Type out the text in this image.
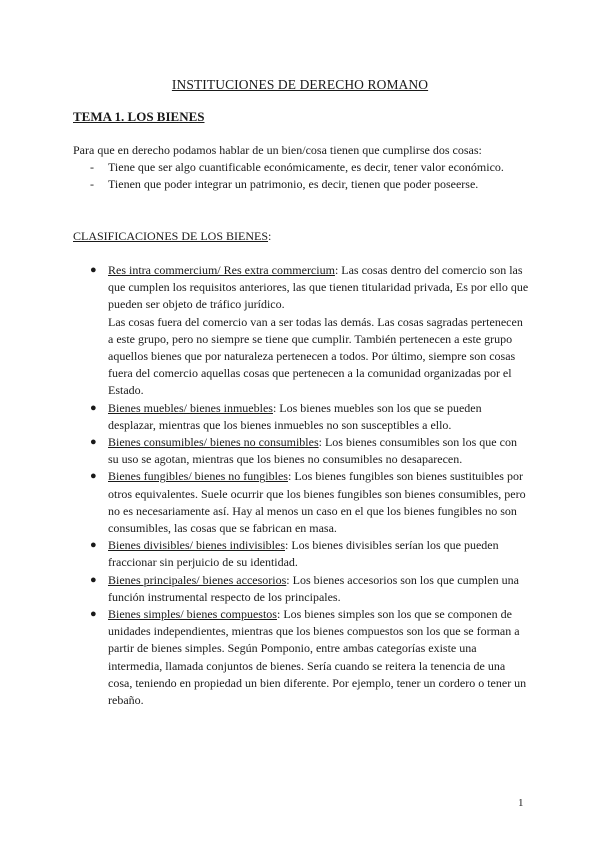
INSTITUCIONES DE DERECHO ROMANO
TEMA 1. LOS BIENES
Para que en derecho podamos hablar de un bien/cosa tienen que cumplirse dos cosas:
- Tiene que ser algo cuantificable económicamente, es decir, tener valor económico.
- Tienen que poder integrar un patrimonio, es decir, tienen que poder poseerse.
CLASIFICACIONES DE LOS BIENES:
● Res intra commercium/ Res extra commercium: Las cosas dentro del comercio son las que cumplen los requisitos anteriores, las que tienen titularidad privada, Es por ello que pueden ser objeto de tráfico jurídico.
Las cosas fuera del comercio van a ser todas las demás. Las cosas sagradas pertenecen a este grupo, pero no siempre se tiene que cumplir. También pertenecen a este grupo aquellos bienes que por naturaleza pertenecen a todos. Por último, siempre son cosas fuera del comercio aquellas cosas que pertenecen a la comunidad organizadas por el Estado.
● Bienes muebles/ bienes inmuebles: Los bienes muebles son los que se pueden desplazar, mientras que los bienes inmuebles no son susceptibles a ello.
● Bienes consumibles/ bienes no consumibles: Los bienes consumibles son los que con su uso se agotan, mientras que los bienes no consumibles no desaparecen.
● Bienes fungibles/ bienes no fungibles: Los bienes fungibles son bienes sustituibles por otros equivalentes. Suele ocurrir que los bienes fungibles son bienes consumibles, pero no es necesariamente así. Hay al menos un caso en el que los bienes fungibles no son consumibles, las cosas que se fabrican en masa.
● Bienes divisibles/ bienes indivisibles: Los bienes divisibles serían los que pueden fraccionar sin perjuicio de su identidad.
● Bienes principales/ bienes accesorios: Los bienes accesorios son los que cumplen una función instrumental respecto de los principales.
● Bienes simples/ bienes compuestos: Los bienes simples son los que se componen de unidades independientes, mientras que los bienes compuestos son los que se forman a partir de bienes simples. Según Pomponio, entre ambas categorías existe una intermedia, llamada conjuntos de bienes. Sería cuando se reitera la tenencia de una cosa, teniendo en propiedad un bien diferente. Por ejemplo, tener un cordero o tener un rebaño.
1
